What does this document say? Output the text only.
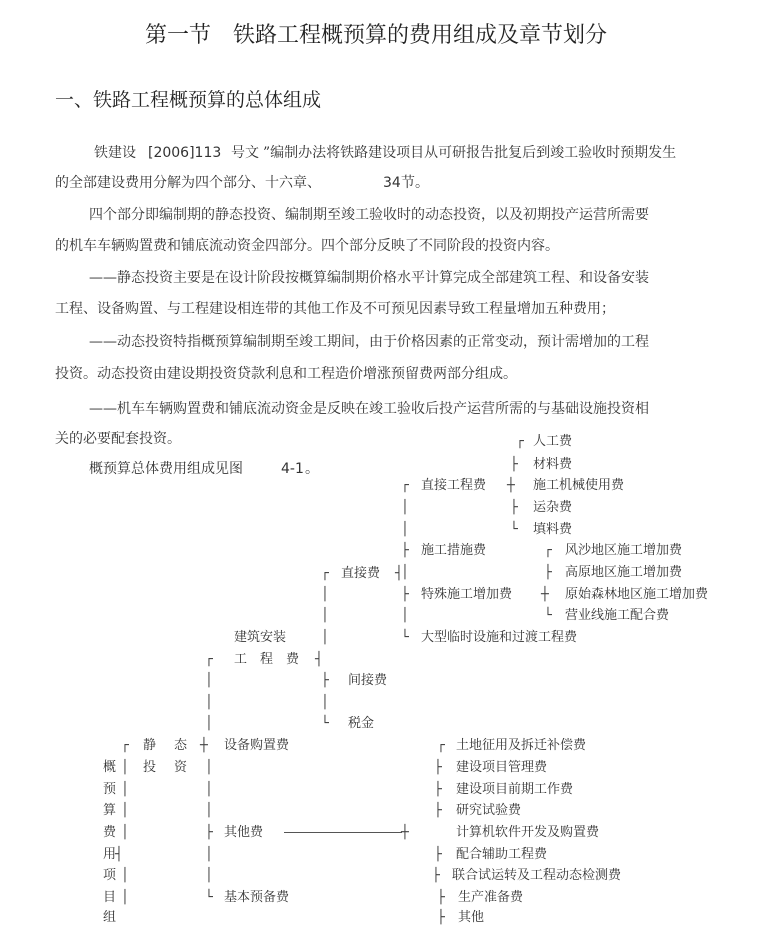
第一节　铁路工程概预算的费用组成及章节划分
一、铁路工程概预算的总体组成
铁建设 [2006]113 号文 ”编制办法将铁路建设项目从可研报告批复后到竣工验收时预期发生
的全部建设费用分解为四个部分、十六章、	34 节。
四个部分即编制期的静态投资、编制期至竣工验收时的动态投资，以及初期投产运营所需要
的机车车辆购置费和铺底流动资金四部分。四个部分反映了不同阶段的投资内容。
——静态投资主要是在设计阶段按概算编制期价格水平计算完成全部建筑工程、和设备安装
工程、设备购置、与工程建设相连带的其他工作及不可预见因素导致工程量增加五种费用；
——动态投资特指概预算编制期至竣工期间，由于价格因素的正常变动，预计需增加的工程
投资。动态投资由建设期投资贷款利息和工程造价增涨预留费两部分组成。
——机车车辆购置费和铺底流动资金是反映在竣工验收后投产运营所需的与基础设施投资相
关的必要配套投资。
概预算总体费用组成见图	4-1 。
┌ 人工费
├ 材料费
┼ 施工机械使用费
├ 运杂费
└ 填料费
┌ 直接工程费
│
│
├ 施工措施费
│
├ 特殊施工增加费
│
└ 大型临时设施和过渡工程费
┌ 风沙地区施工增加费
├ 高原地区施工增加费
┼ 原始森林地区施工增加费
└ 营业线施工配合费
┌ 直接费 ┤
│
│
│
┤
├ 间接费
│
└ 税金
建筑安装
┌ 工　程　费
│
│
│
┼ 设备购置费
│
│
│
├ 其他费	┼
│
│
└ 基本预备费
┌ 土地征用及拆迁补偿费
├ 建设项目管理费
├ 建设项目前期工作费
├ 研究试验费
计算机软件开发及购置费
├ 配合辅助工程费
├ 联合试运转及工程动态检测费
├ 生产准备费
├ 其他
┌ 静 态
投 资
│
概
预
算
费
用
┤
项
目 │
组
│
│
│
│
